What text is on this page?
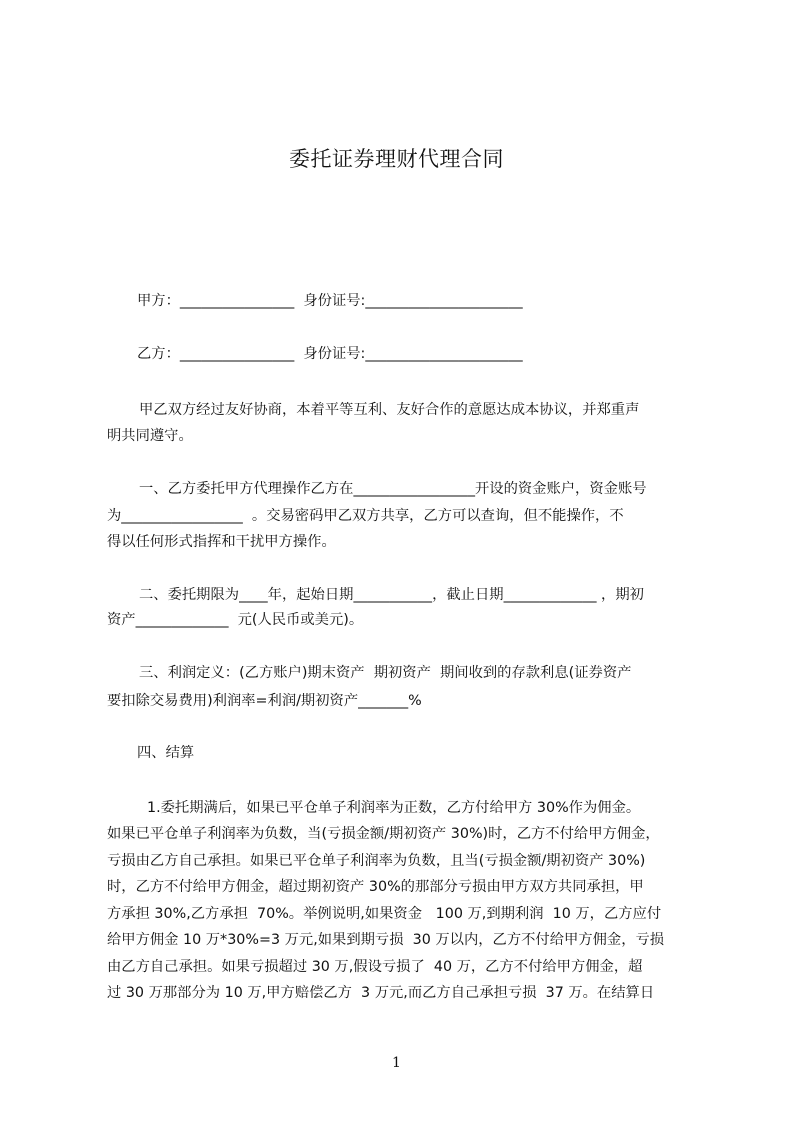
委托证券理财代理合同
甲方：________________  身份证号:______________________
乙方：________________  身份证号:______________________
甲乙双方经过友好协商，本着平等互利、友好合作的意愿达成本协议，并郑重声
明共同遵守。
一、乙方委托甲方代理操作乙方在_________________开设的资金账户，资金账号
为_________________  。交易密码甲乙双方共享，乙方可以查询，但不能操作，不
得以任何形式指挥和干扰甲方操作。
二、委托期限为____年，起始日期___________，截止日期_____________ ，期初
资产_____________  元(人民币或美元)。
三、利润定义：(乙方账户)期末资产  期初资产  期间收到的存款利息(证券资产
要扣除交易费用)利润率=利润/期初资产_______%
四、结算
1.委托期满后，如果已平仓单子利润率为正数，乙方付给甲方 30%作为佣金。
如果已平仓单子利润率为负数，当(亏损金额/期初资产 30%)时，乙方不付给甲方佣金，
亏损由乙方自己承担。如果已平仓单子利润率为负数，且当(亏损金额/期初资产 30%)
时，乙方不付给甲方佣金，超过期初资产 30%的那部分亏损由甲方双方共同承担，甲
方承担 30%,乙方承担  70%。举例说明,如果资金   100 万,到期利润  10 万，乙方应付
给甲方佣金 10 万*30%=3 万元,如果到期亏损  30 万以内，乙方不付给甲方佣金，亏损
由乙方自己承担。如果亏损超过 30 万,假设亏损了  40 万，乙方不付给甲方佣金，超
过 30 万那部分为 10 万,甲方赔偿乙方  3 万元,而乙方自己承担亏损  37 万。在结算日
1
